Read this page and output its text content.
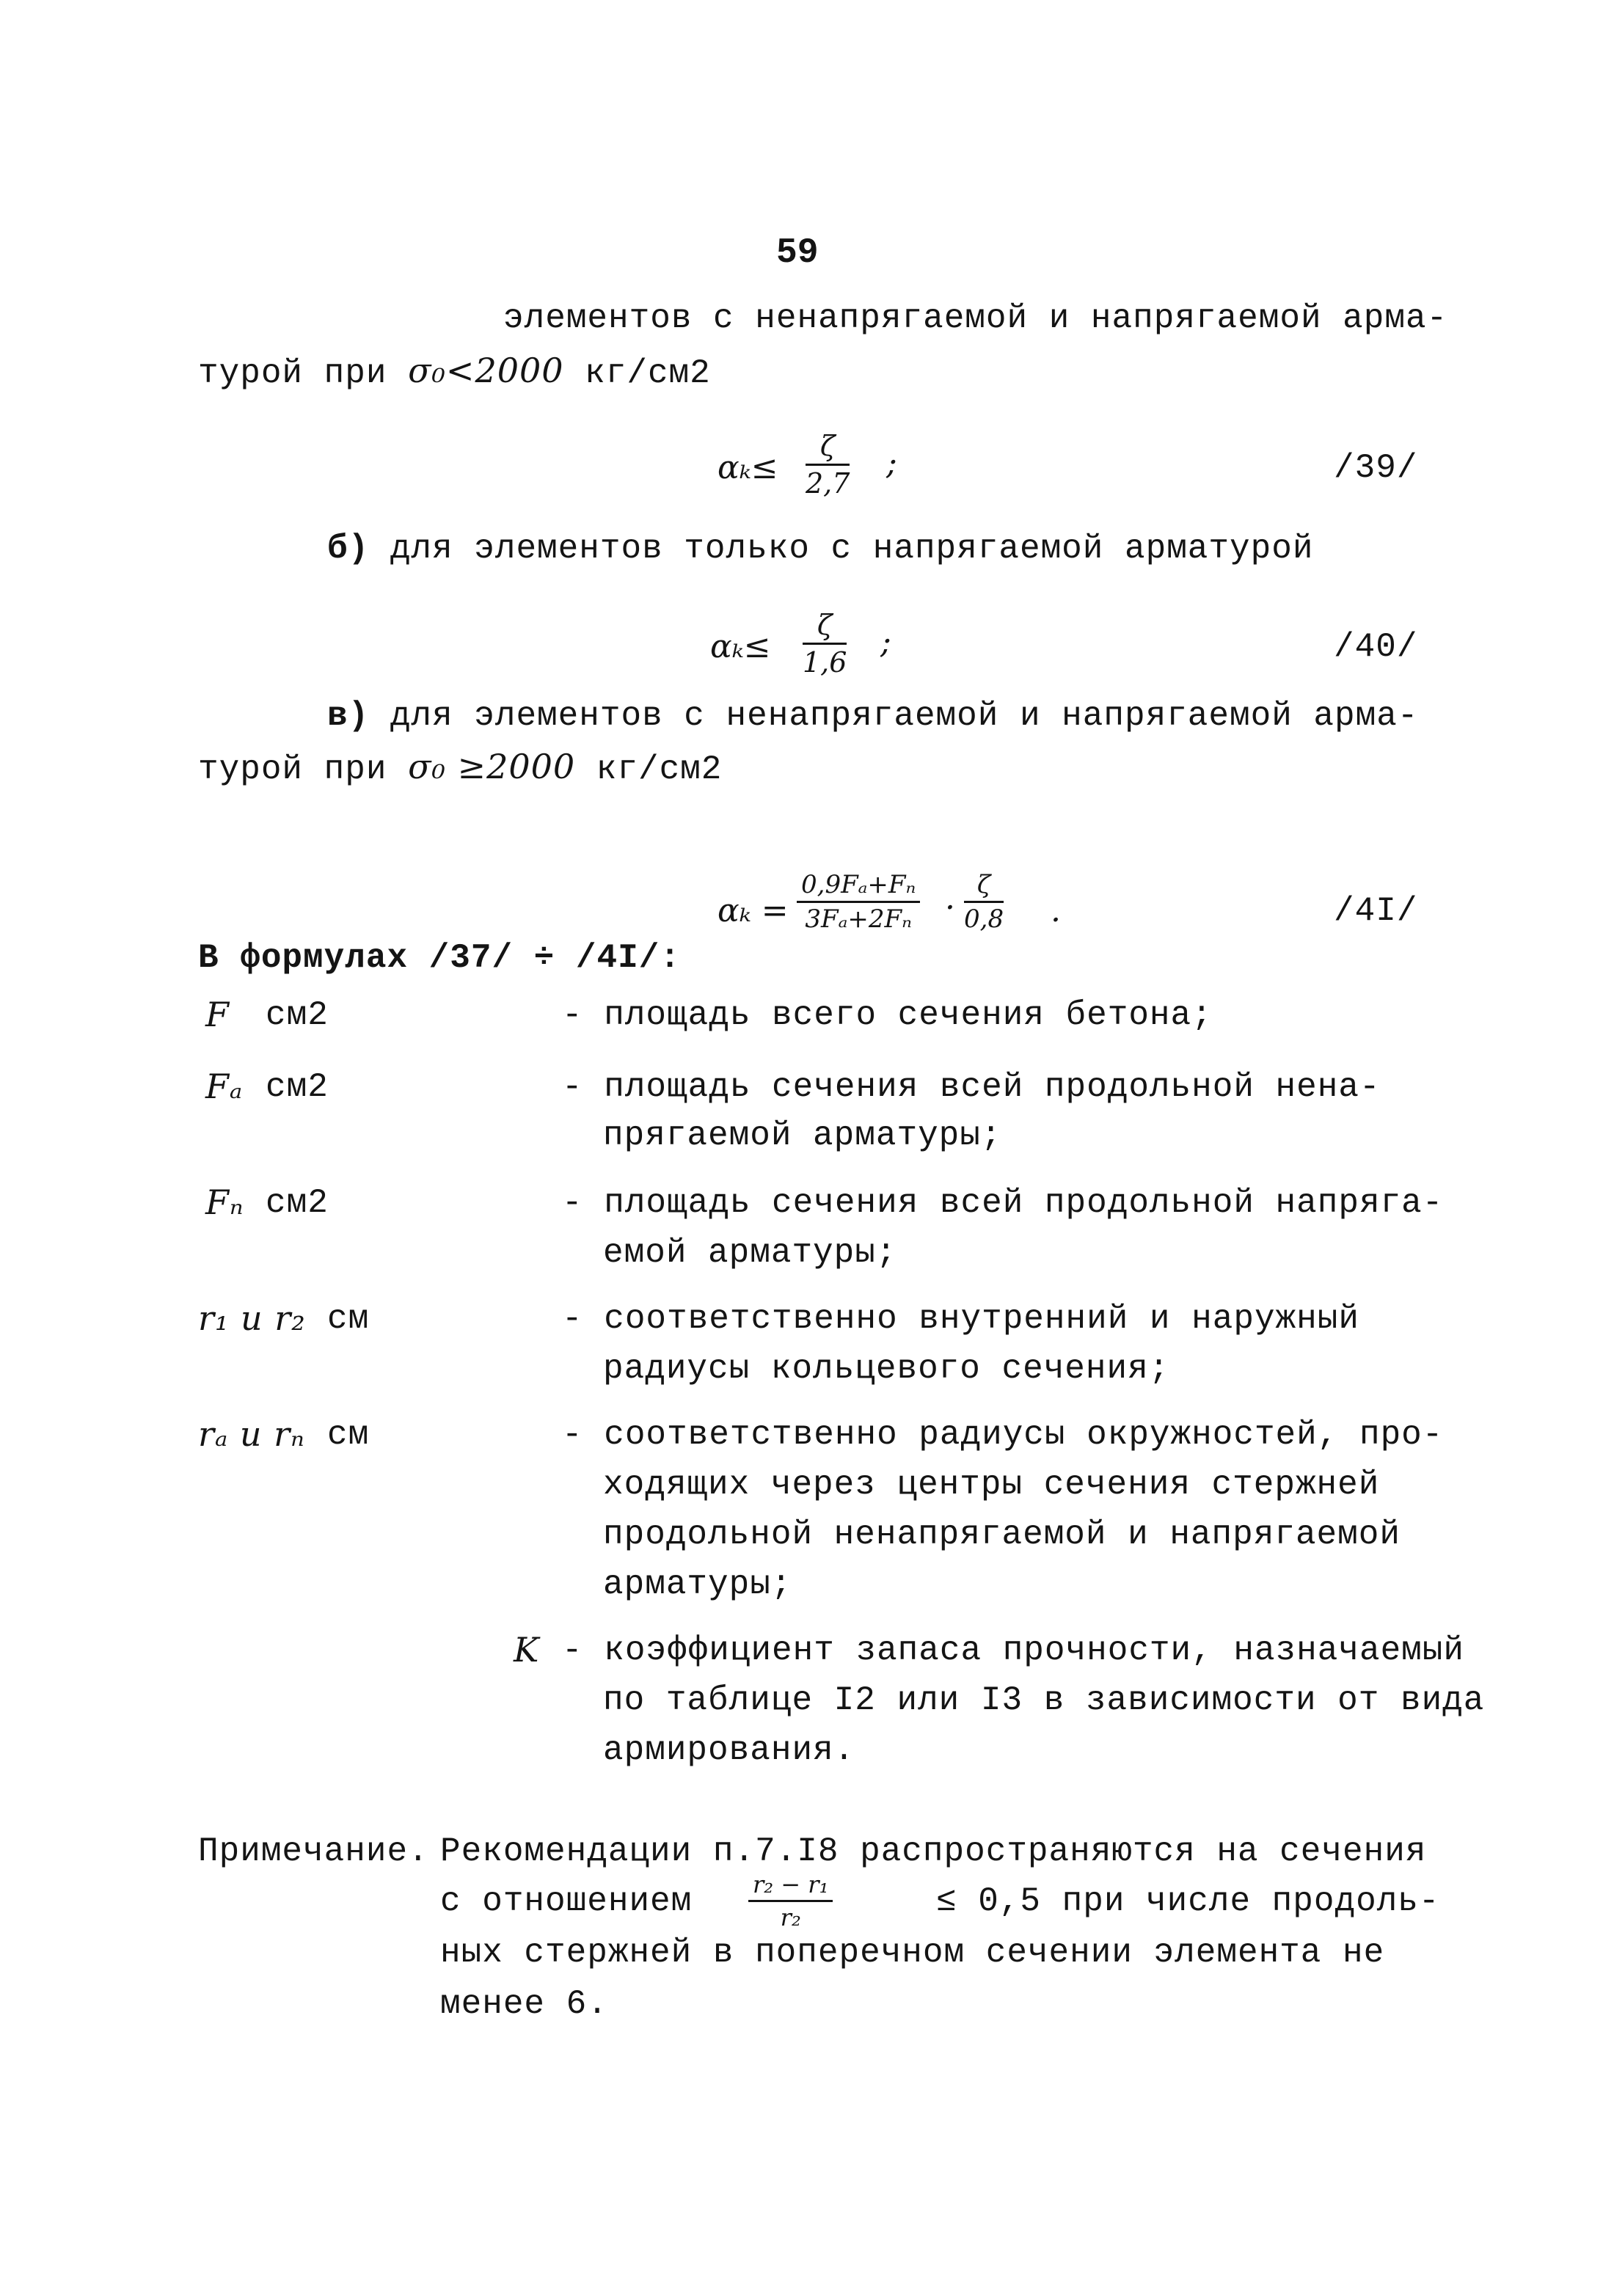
59
элементов с ненапрягаемой и напрягаемой арма-
турой при σ₀<2000 кг/см2
$\alpha_k\le \frac{\zeta}{2,7}$ ;	/39/
б) для элементов только с напрягаемой арматурой
$\alpha_k\le \frac{\zeta}{1,6}$ ;	/40/
в) для элементов с ненапрягаемой и напрягаемой арма-
турой при σ₀ ≥2000 кг/см2
$\alpha_k = \frac{\text{0,9Fₐ+Fₙ}}{\text{3Fₐ+2Fₙ}} \cdot \frac{\zeta}{0,8}$ .	/4I/
В формулах /37/ ÷ /4I/:
F см2	- площадь всего сечения бетона;
Fₐ см2	- площадь сечения всей продольной нена-
прягаемой арматуры;
Fₙ см2	- площадь сечения всей продольной напряга-
емой арматуры;
r₁ и r₂ см	- соответственно внутренний и наружный
радиусы кольцевого сечения;
rₐ и rₙ см	- соответственно радиусы окружностей, про-
ходящих через центры сечения стержней
продольной ненапрягаемой и напрягаемой
арматуры;
K - коэффициент запаса прочности, назначаемый
по таблице I2 или I3 в зависимости от вида
армирования.
Примечание. Рекомендации п.7.I8 распространяются на сечения
с отношением $\frac{\text{r₂ − r₁}}{\text{r₂}}$	≤ 0,5 при числе продоль-
ных стержней в поперечном сечении элемента не
менее 6.
